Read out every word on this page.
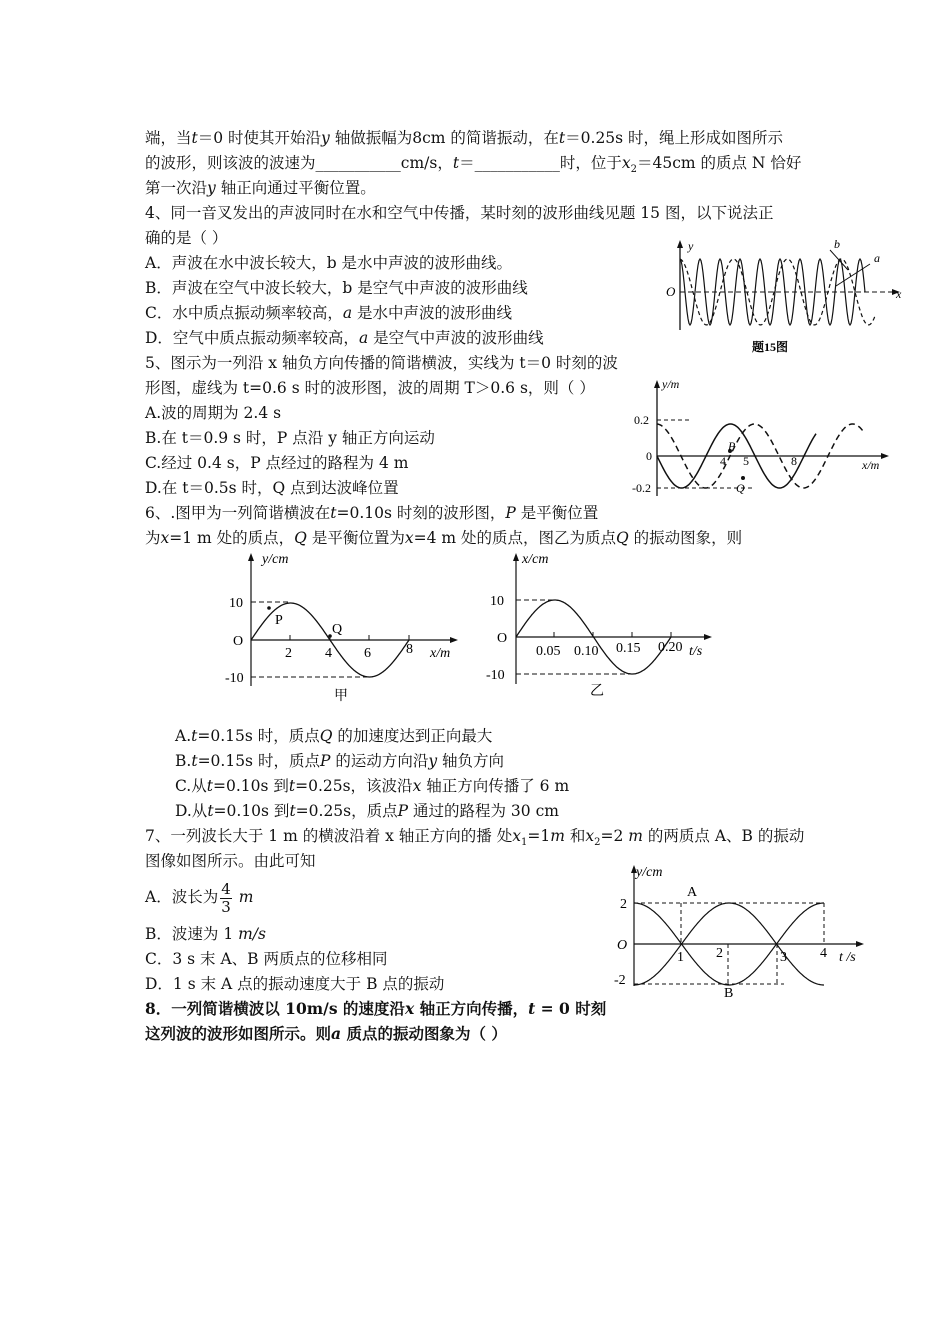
端，当t＝0 时使其开始沿y 轴做振幅为8cm 的简谐振动，在t＝0.25s 时，绳上形成如图所示
的波形，则该波的波速为___________cm/s，t＝___________时，位于$x_2=45cm$ 的质点 N 恰好
第一次沿y 轴正向通过平衡位置。
4、同一音叉发出的声波同时在水和空气中传播，某时刻的波形曲线见题 15 图，以下说法正
确的是（ ）
A．声波在水中波长较大，b 是水中声波的波形曲线。
B．声波在空气中波长较大，b 是空气中声波的波形曲线
C．水中质点振动频率较高，a 是水中声波的波形曲线
D．空气中质点振动频率较高，a 是空气中声波的波形曲线
y
O	x
b
a
题15图
5、图示为一列沿 x 轴负方向传播的简谐横波，实线为 t＝0 时刻的波
形图，虚线为 t=0.6 s 时的波形图，波的周期 T＞0.6 s，则（ ）
A.波的周期为 2.4 s
B.在 t＝0.9 s 时，P 点沿 y 轴正方向运动
C.经过 0.4 s，P 点经过的路程为 4 m
D.在 t＝0.5s 时，Q 点到达波峰位置
y/m
0.2
0
-0.2
4 5	8	x/m
P
Q
6、.图甲为一列简谐横波在t=0.10s 时刻的波形图，P 是平衡位置
为x=1 m 处的质点，Q 是平衡位置为x=4 m 处的质点，图乙为质点Q 的振动图象，则
y/cm
10
O
-10
2 4 6	8 x/m
P
Q
甲
x/cm
10
O
-10
0.05 0.10 0.15 0.20 t/s
乙
A.t=0.15s 时，质点Q 的加速度达到正向最大
B.t=0.15s 时，质点P 的运动方向沿y 轴负方向
C.从t=0.10s 到t=0.25s，该波沿x 轴正方向传播了 6 m
D.从t=0.10s 到t=0.25s，质点P 通过的路程为 30 cm
7、一列波长大于 1 m 的横波沿着 x 轴正方向的播 处$x_1=1m$ 和$x_2=2$ m 的两质点 A、B 的振动
图像如图所示。由此可知
A．波长为 $\frac{4}{3}$ m
B．波速为 1 m/s
C．3 s 末 A、B 两质点的位移相同
D．1 s 末 A 点的振动速度大于 B 点的振动
y/cm
2
O
-2
1 2	3 4 t /s
A
B
8．一列简谐横波以 10m/s 的速度沿x 轴正方向传播，t = 0 时刻
这列波的波形如图所示。则a 质点的振动图象为（ ）
